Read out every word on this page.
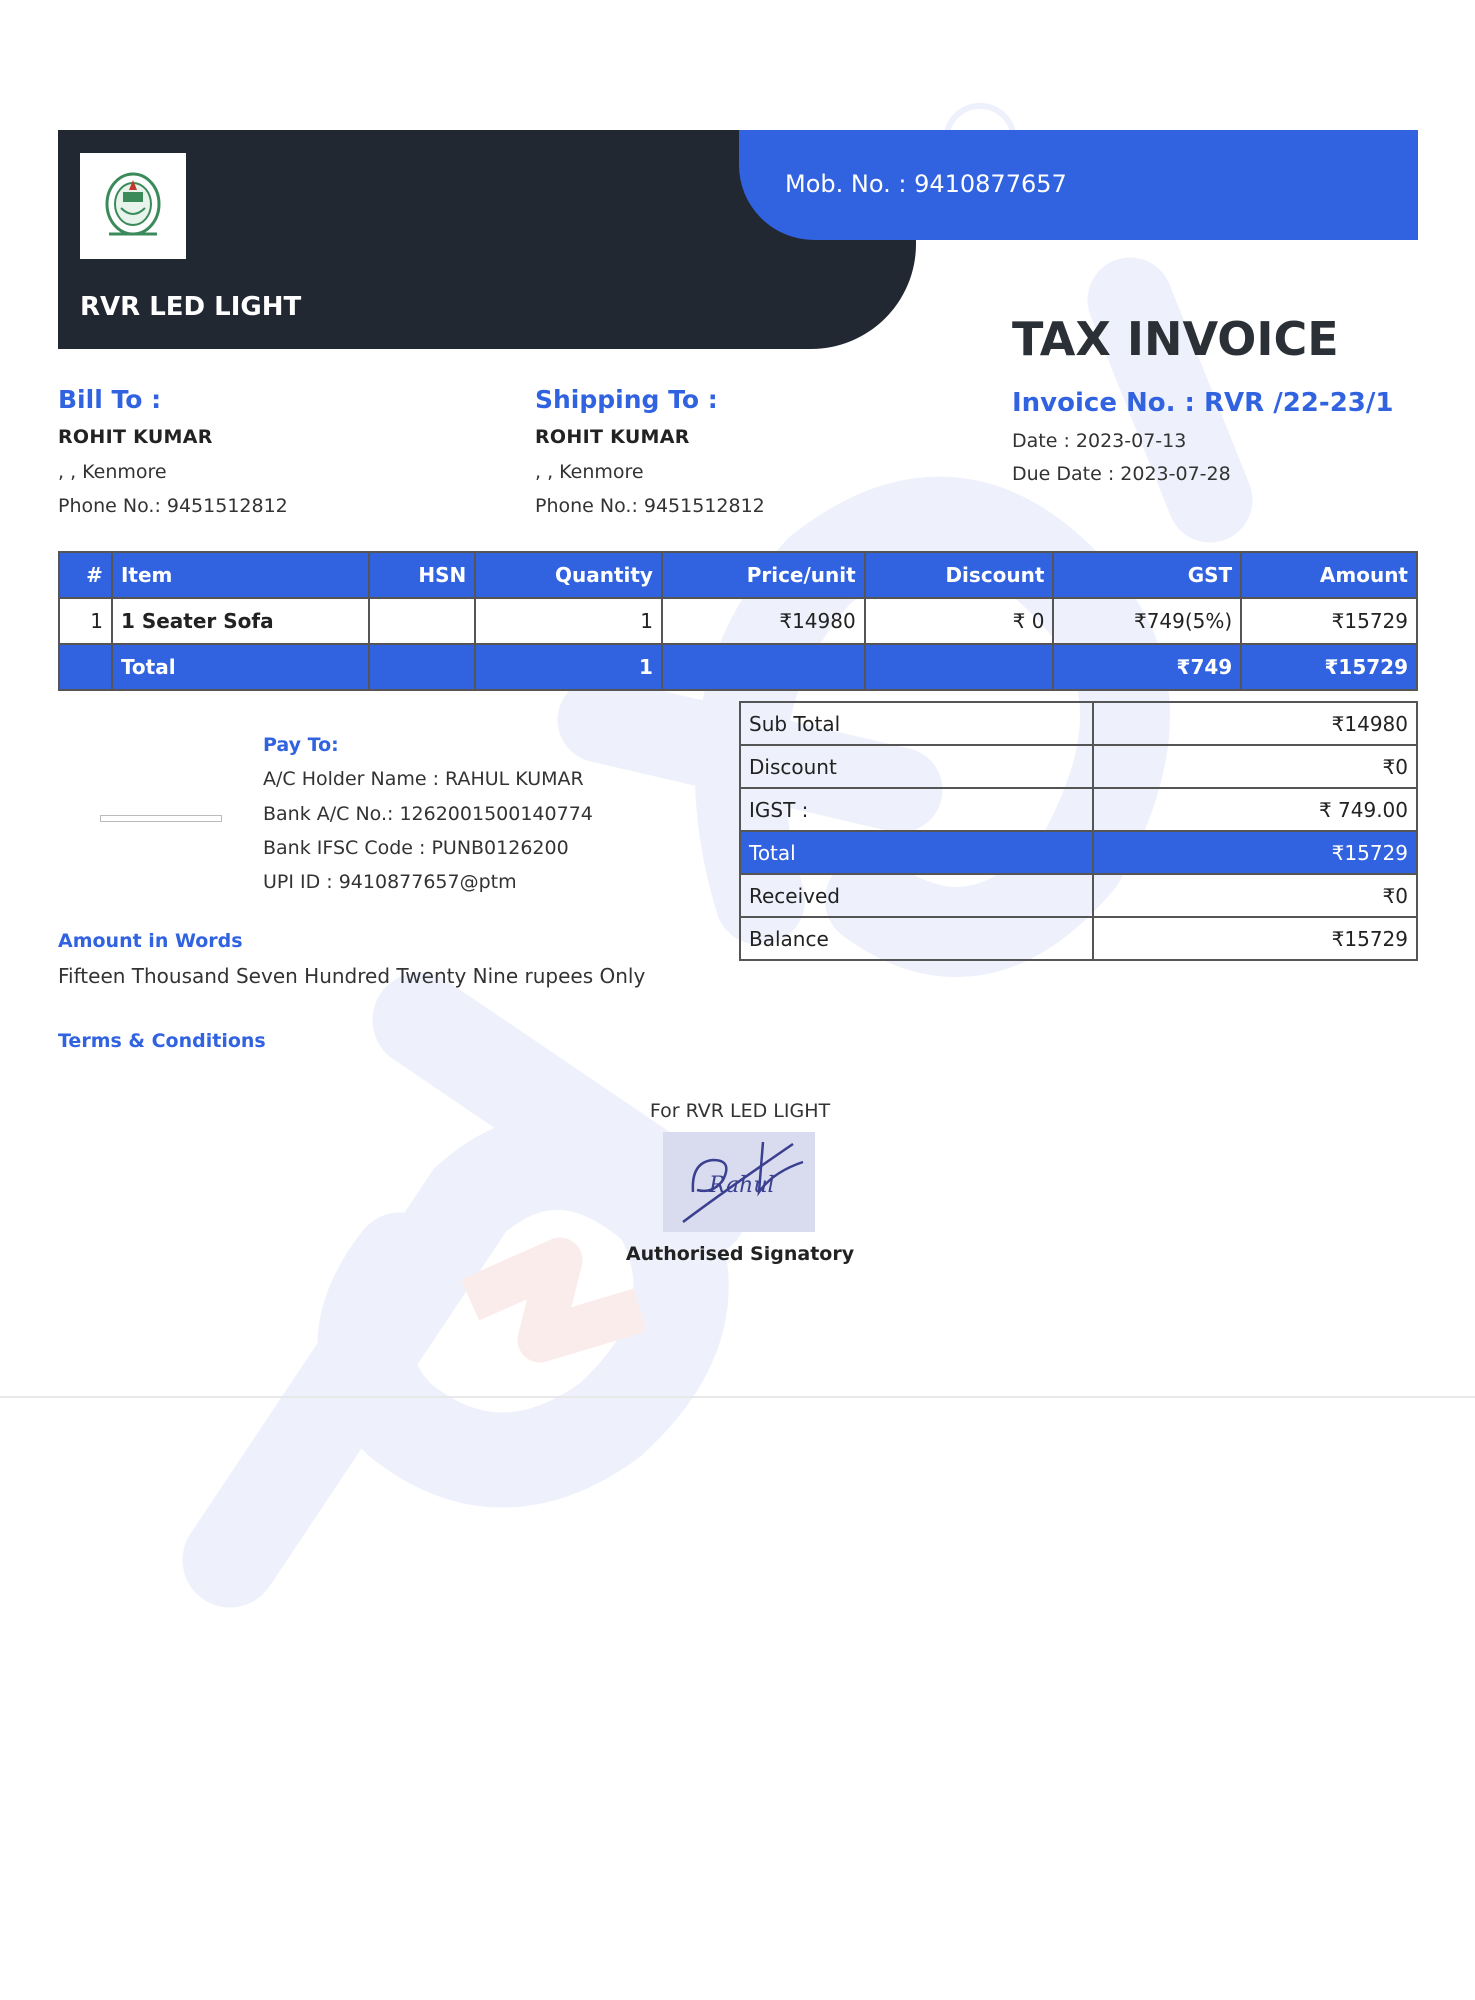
Mob. No. : 9410877657
RVR LED LIGHT
TAX INVOICE
Invoice No. : RVR /22-23/1
Date : 2023-07-13
Due Date : 2023-07-28
Bill To :
ROHIT KUMAR
, , Kenmore
Phone No.: 9451512812
Shipping To :
ROHIT KUMAR
, , Kenmore
Phone No.: 9451512812
#	Item	HSN	Quantity	Price/unit	Discount	GST	Amount
1	1 Seater Sofa		1	₹14980	₹ 0	₹749(5%)	₹15729
	Total		1			₹749	₹15729
Pay To:
A/C Holder Name : RAHUL KUMAR
Bank A/C No.: 1262001500140774
Bank IFSC Code : PUNB0126200
UPI ID : 9410877657@ptm
Sub Total	₹14980
Discount	₹0
IGST :	₹ 749.00
Total	₹15729
Received	₹0
Balance	₹15729
Amount in Words
Fifteen Thousand Seven Hundred Twenty Nine rupees Only
Terms & Conditions
For RVR LED LIGHT
Rahul
Authorised Signatory
